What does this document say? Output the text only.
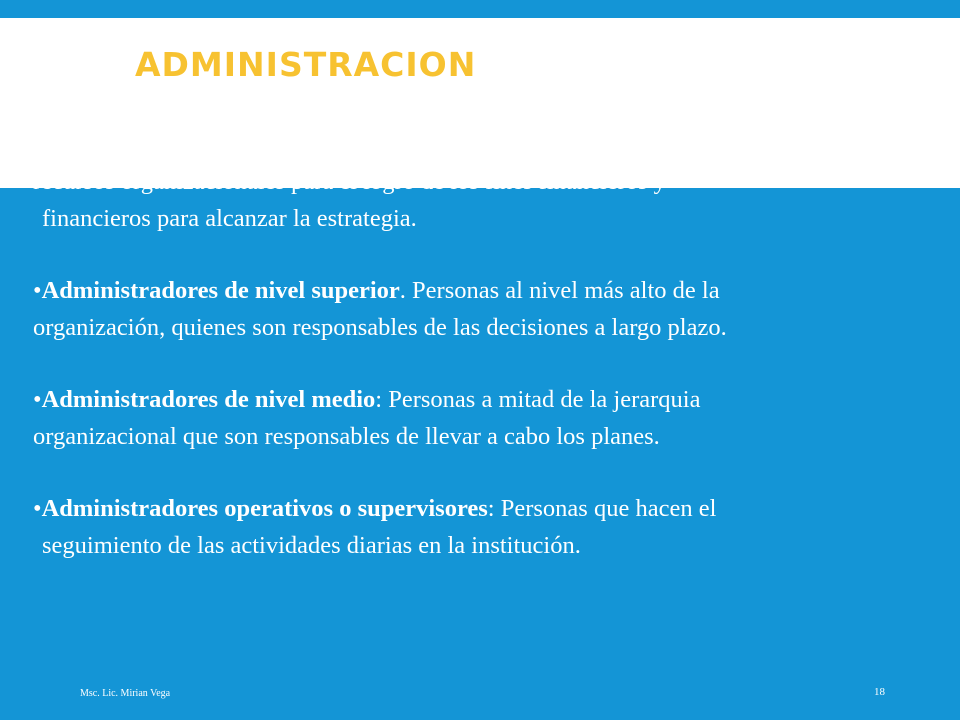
financieros para alcanzar la estrategia.

•Administradores de nivel superior. Personas al nivel más alto de la
organización, quienes son responsables de las decisiones a largo plazo.

•Administradores de nivel medio: Personas a mitad de la jerarquia
organizacional que son responsables de llevar a cabo los planes.

•Administradores operativos o supervisores: Personas que hacen el
seguimiento de las actividades diarias en la institución.

ADMINISTRACION
Msc. Lic. Mirian Vega	18
